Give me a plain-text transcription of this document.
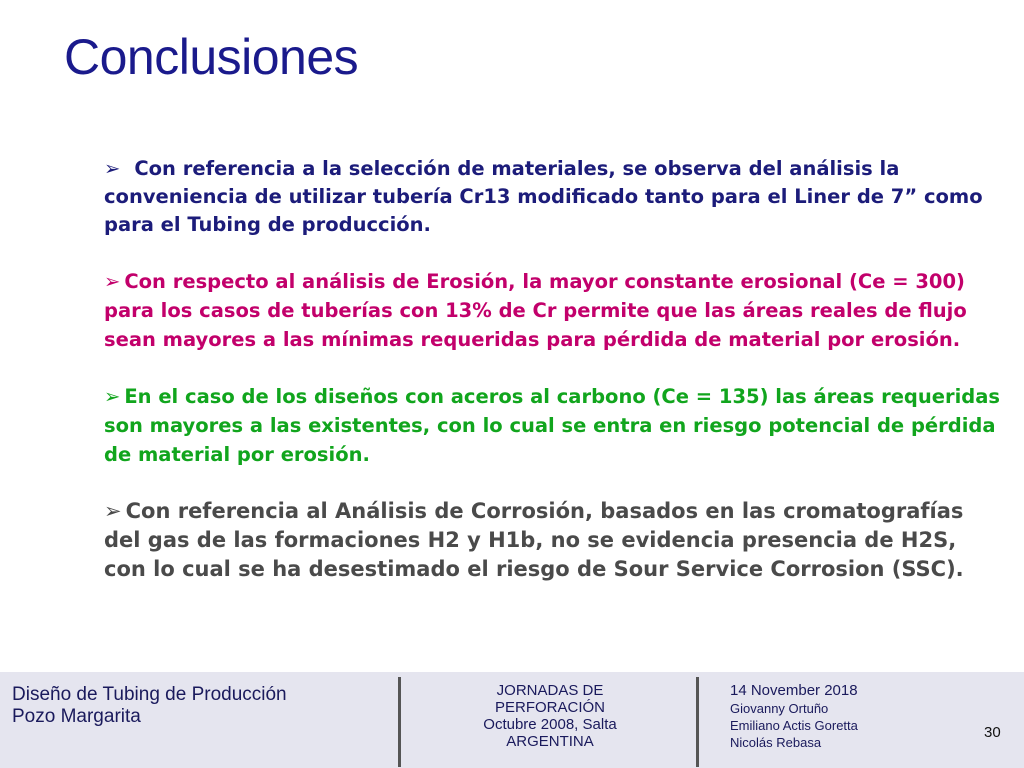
Conclusiones

➢ Con referencia a la selección de materiales, se observa del análisis la conveniencia de utilizar tubería Cr13 modificado tanto para el Liner de 7” como para el Tubing de producción.

➢ Con respecto al análisis de Erosión, la mayor constante erosional (Ce = 300) para los casos de tuberías con 13% de Cr permite que las áreas reales de flujo sean mayores a las mínimas requeridas para pérdida de material por erosión.

➢ En el caso de los diseños con aceros al carbono (Ce = 135) las áreas requeridas son mayores a las existentes, con lo cual se entra en riesgo potencial de pérdida de material por erosión.

➢ Con referencia al Análisis de Corrosión, basados en las cromatografías del gas de las formaciones H2 y H1b, no se evidencia presencia de H2S, con lo cual se ha desestimado el riesgo de Sour Service Corrosion (SSC).

Diseño de Tubing de Producción
Pozo Margarita
JORNADAS DE
PERFORACIÓN
Octubre 2008, Salta
ARGENTINA
14 November 2018
Giovanny Ortuño
Emiliano Actis Goretta
Nicolás Rebasa
30
